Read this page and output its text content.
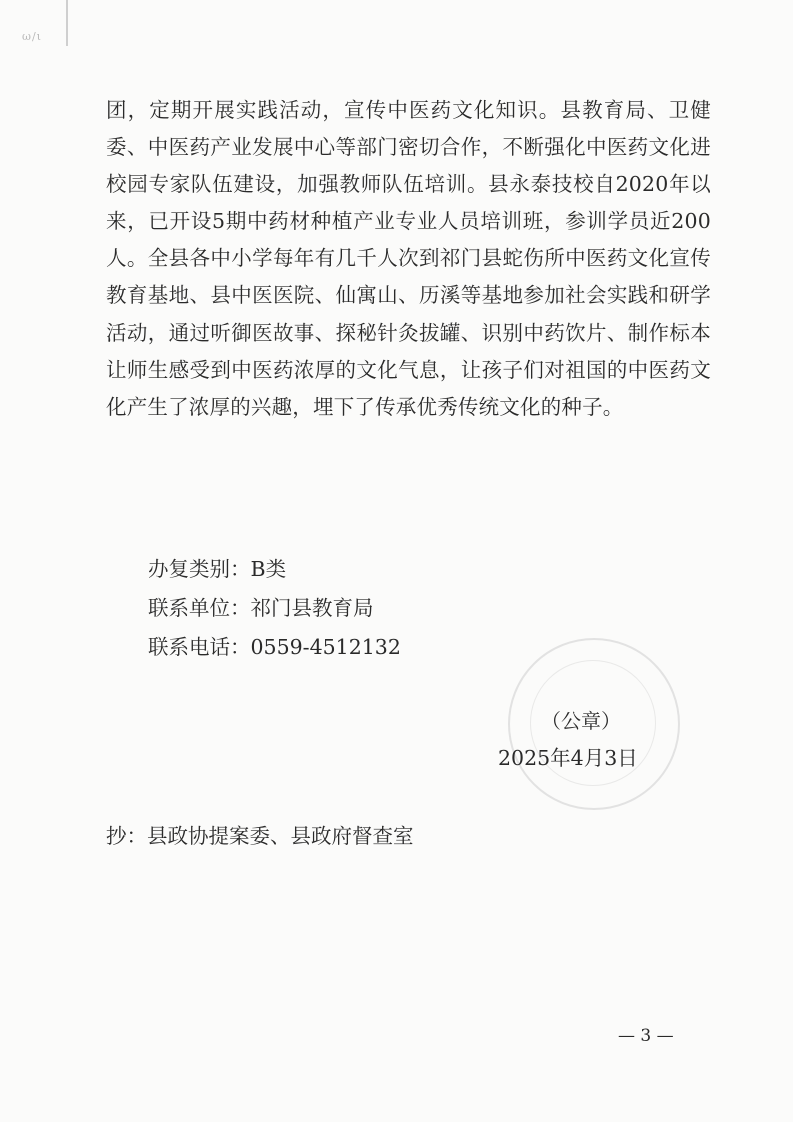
ω/ι

团，定期开展实践活动，宣传中医药文化知识。县教育局、卫健委、中医药产业发展中心等部门密切合作，不断强化中医药文化进校园专家队伍建设，加强教师队伍培训。县永泰技校自2020年以来，已开设5期中药材种植产业专业人员培训班，参训学员近200人。全县各中小学每年有几千人次到祁门县蛇伤所中医药文化宣传教育基地、县中医医院、仙寓山、历溪等基地参加社会实践和研学活动，通过听御医故事、探秘针灸拔罐、识别中药饮片、制作标本让师生感受到中医药浓厚的文化气息，让孩子们对祖国的中医药文化产生了浓厚的兴趣，埋下了传承优秀传统文化的种子。

办复类别：B类

联系单位：祁门县教育局

联系电话：0559-4512132

（公章）

2025年4月3日

抄：县政协提案委、县政府督查室

— 3 —
